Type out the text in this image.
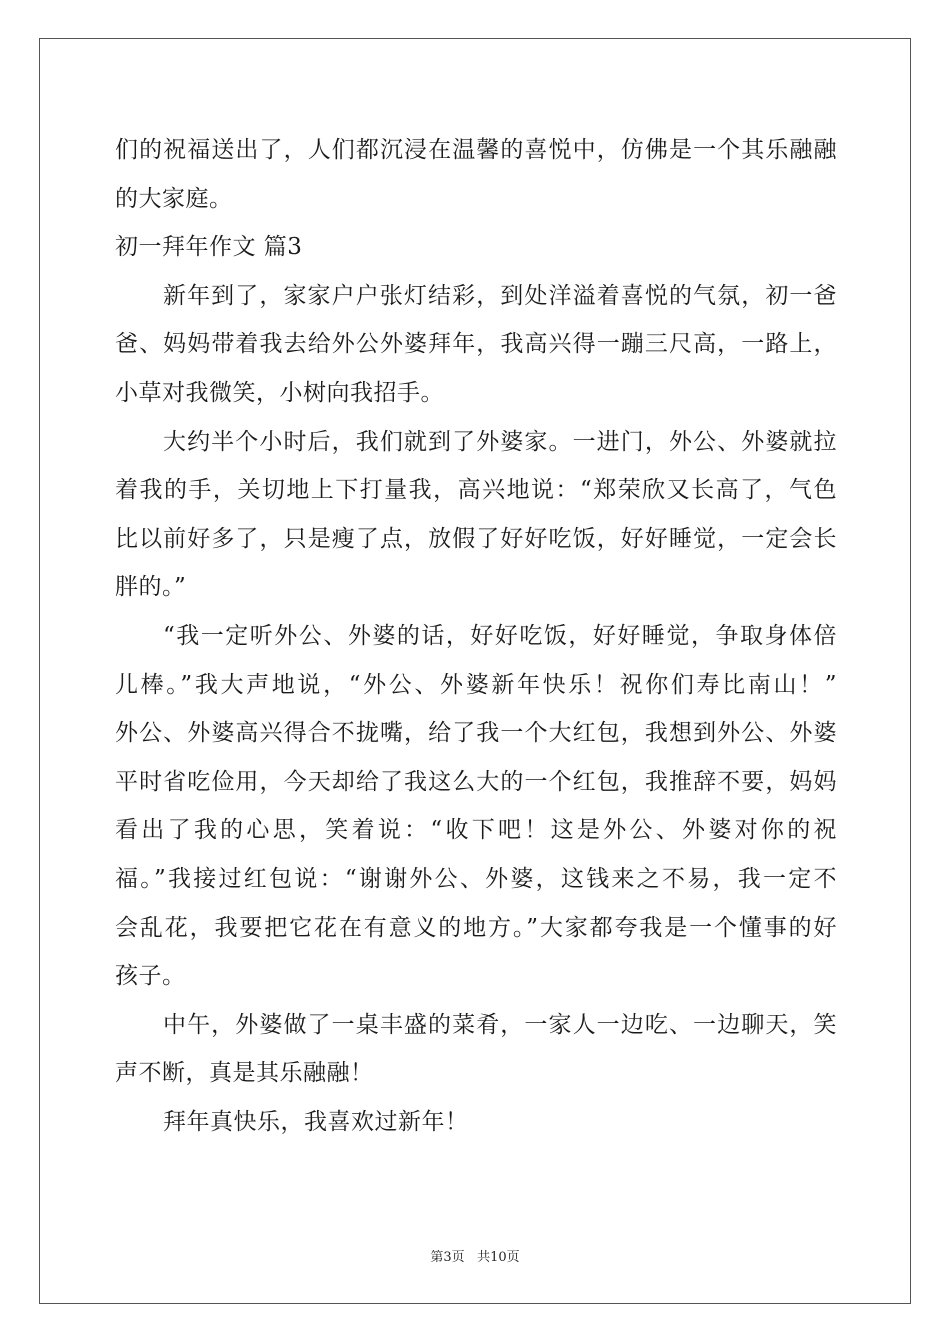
们的祝福送出了，人们都沉浸在温馨的喜悦中，仿佛是一个其乐融融
的大家庭。
初一拜年作文 篇3
新年到了，家家户户张灯结彩，到处洋溢着喜悦的气氛，初一爸
爸、妈妈带着我去给外公外婆拜年，我高兴得一蹦三尺高，一路上，
小草对我微笑，小树向我招手。
大约半个小时后，我们就到了外婆家。一进门，外公、外婆就拉
着我的手，关切地上下打量我，高兴地说：“郑荣欣又长高了，气色
比以前好多了，只是瘦了点，放假了好好吃饭，好好睡觉，一定会长
胖的。”
“我一定听外公、外婆的话，好好吃饭，好好睡觉，争取身体倍
儿棒。”我大声地说，“外公、外婆新年快乐！祝你们寿比南山！”
外公、外婆高兴得合不拢嘴，给了我一个大红包，我想到外公、外婆
平时省吃俭用，今天却给了我这么大的一个红包，我推辞不要，妈妈
看出了我的心思，笑着说：“收下吧！这是外公、外婆对你的祝
福。”我接过红包说：“谢谢外公、外婆，这钱来之不易，我一定不
会乱花，我要把它花在有意义的地方。”大家都夸我是一个懂事的好
孩子。
中午，外婆做了一桌丰盛的菜肴，一家人一边吃、一边聊天，笑
声不断，真是其乐融融！
拜年真快乐，我喜欢过新年！
第3页 共10页
